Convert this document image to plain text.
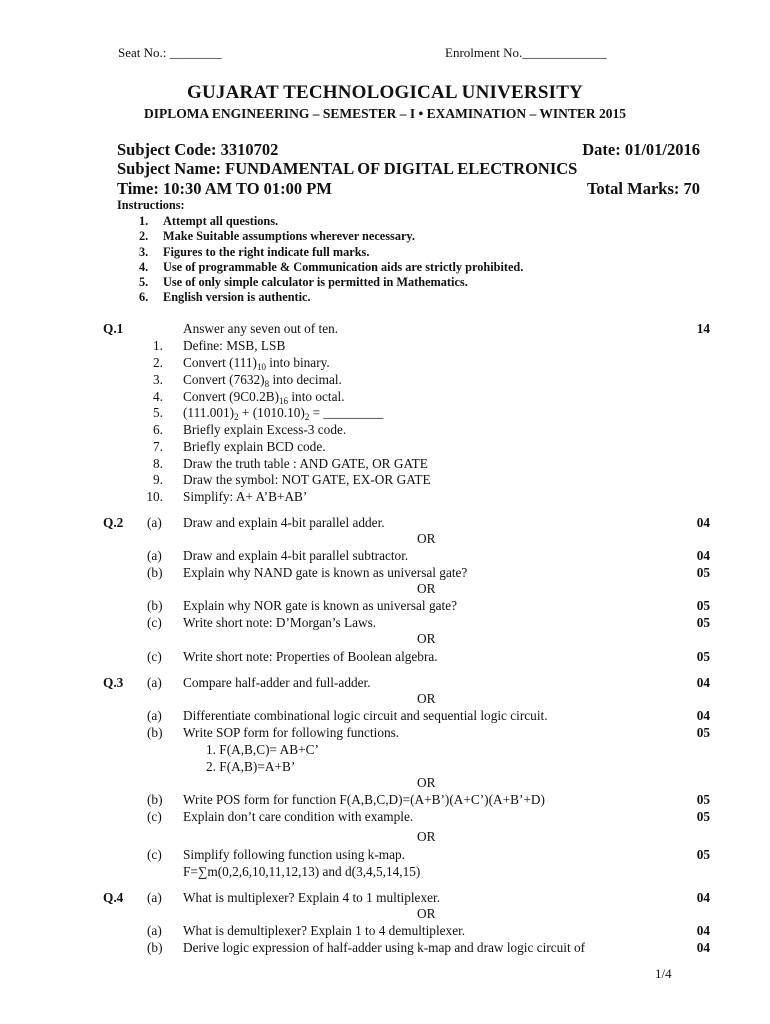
Seat No.: ________	Enrolment No._____________
GUJARAT TECHNOLOGICAL UNIVERSITY
DIPLOMA ENGINEERING – SEMESTER – I • EXAMINATION – WINTER 2015
Subject Code: 3310702	Date: 01/01/2016
Subject Name: FUNDAMENTAL OF DIGITAL ELECTRONICS
Time: 10:30 AM TO 01:00 PM	Total Marks: 70
Instructions:
1. Attempt all questions.
2. Make Suitable assumptions wherever necessary.
3. Figures to the right indicate full marks.
4. Use of programmable & Communication aids are strictly prohibited.
5. Use of only simple calculator is permitted in Mathematics.
6. English version is authentic.
Q.1	Answer any seven out of ten.	14
1. Define: MSB, LSB
2. Convert $(111)_{10}$ into binary.
3. Convert $(7632)_8$ into decimal.
4. Convert $(9C0.2B)_{16}$ into octal.
5. $(111.001)_2 + (1010.10)_2$ = _________
6. Briefly explain Excess-3 code.
7. Briefly explain BCD code.
8. Draw the truth table : AND GATE, OR GATE
9. Draw the symbol: NOT GATE, EX-OR GATE
10. Simplify: A+ A’B+AB’
Q.2 (a) Draw and explain 4-bit parallel adder.	04
OR
(a) Draw and explain 4-bit parallel subtractor.	04
(b) Explain why NAND gate is known as universal gate?	05
OR
(b) Explain why NOR gate is known as universal gate?	05
(c) Write short note: D’Morgan’s Laws.	05
OR
(c) Write short note: Properties of Boolean algebra.	05
Q.3 (a) Compare half-adder and full-adder.	04
OR
(a) Differentiate combinational logic circuit and sequential logic circuit.	04
(b) Write SOP form for following functions.	05
1. F(A,B,C)= AB+C’
2. F(A,B)=A+B’
OR
(b) Write POS form for function F(A,B,C,D)=(A+B’)(A+C’)(A+B’+D)	05
(c) Explain don’t care condition with example.	05
OR
(c) Simplify following function using k-map.	05
F=∑m(0,2,6,10,11,12,13) and d(3,4,5,14,15)
Q.4 (a) What is multiplexer? Explain 4 to 1 multiplexer.	04
OR
(a) What is demultiplexer? Explain 1 to 4 demultiplexer.	04
(b) Derive logic expression of half-adder using k-map and draw logic circuit of	04
1/4
